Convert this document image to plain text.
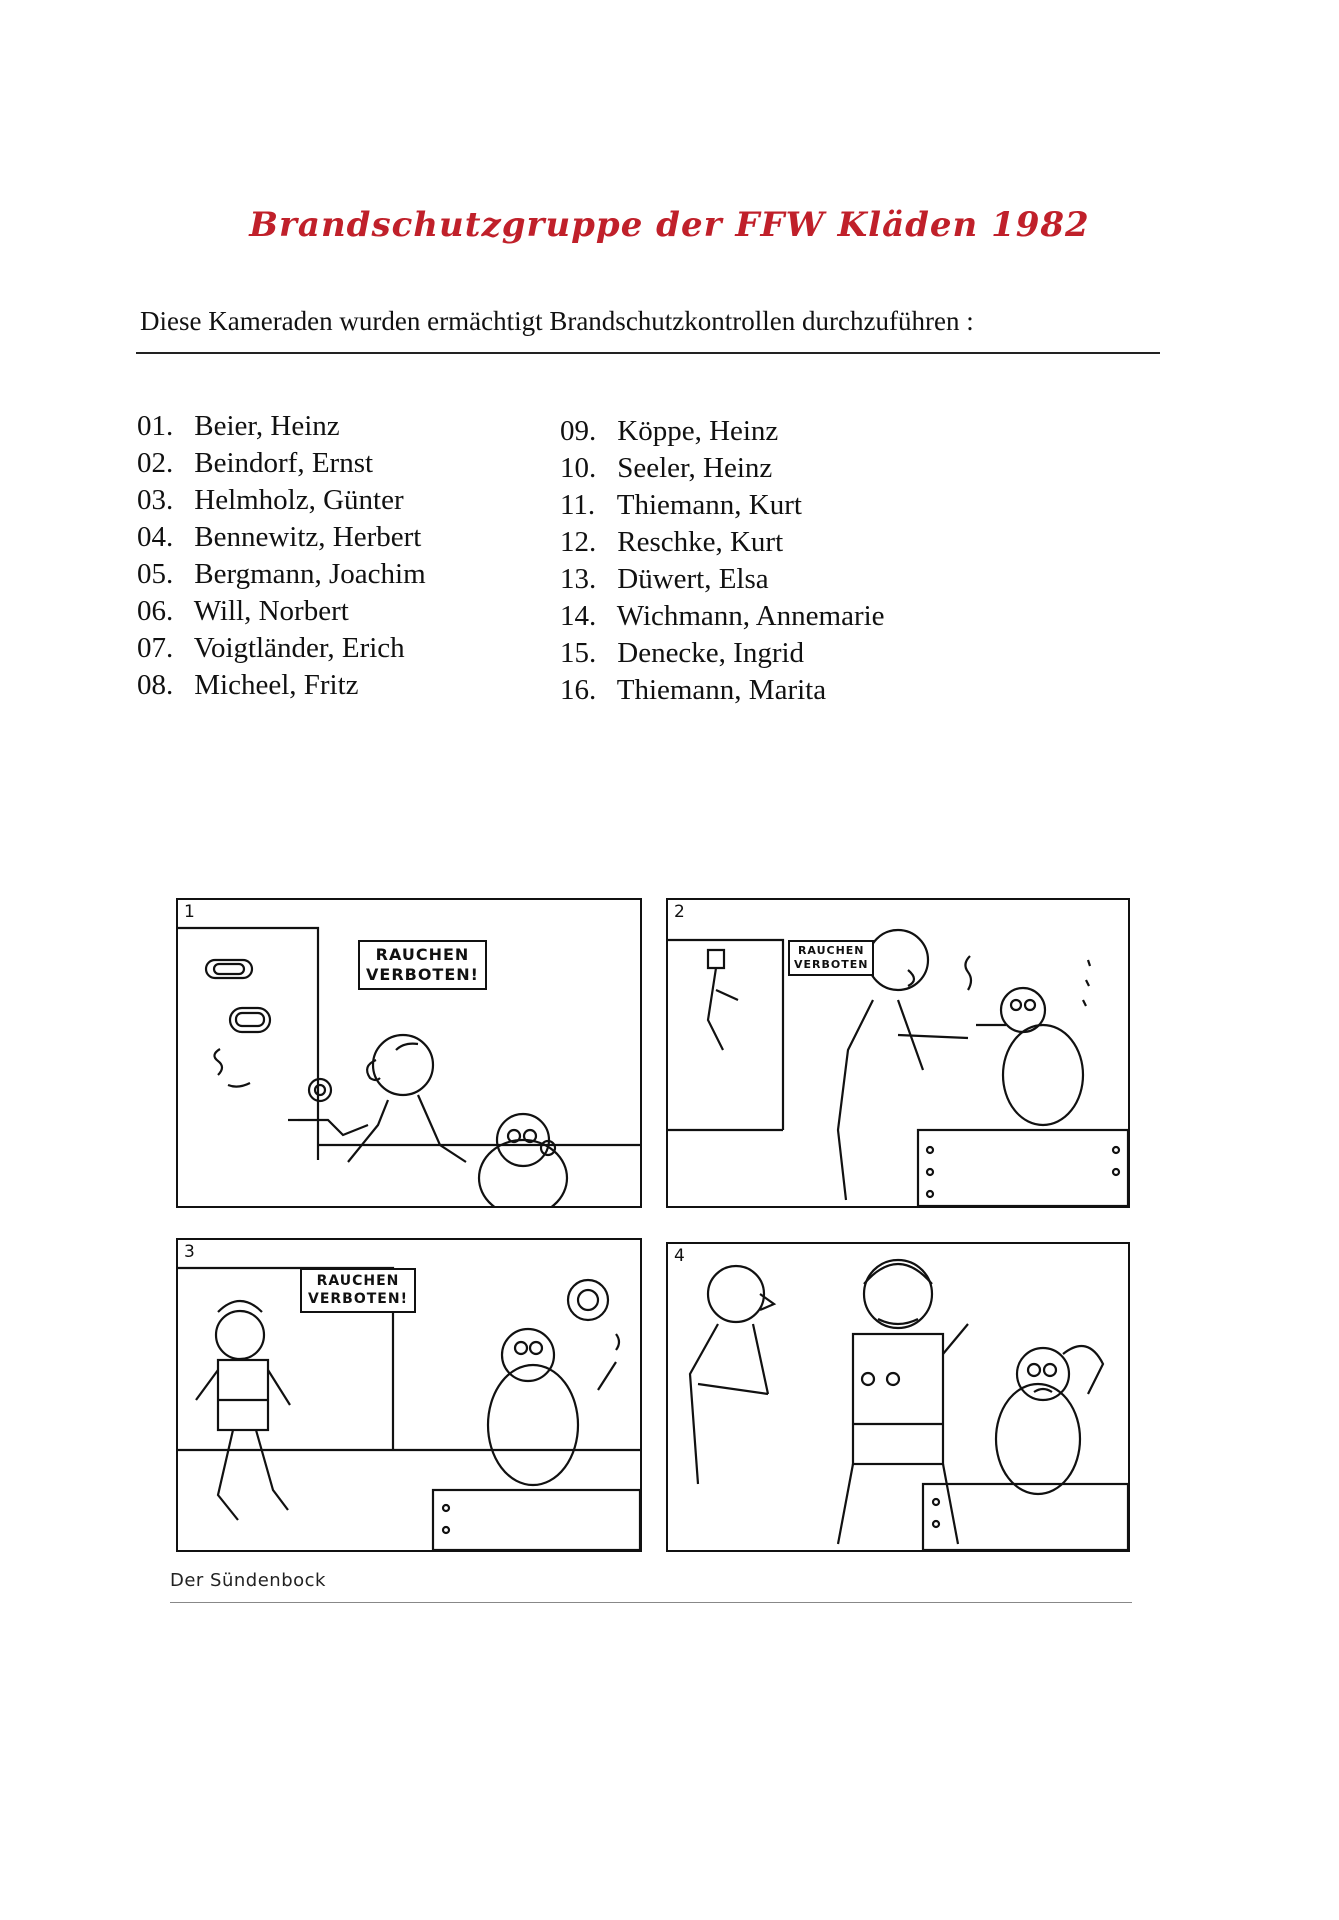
Brandschutzgruppe der FFW Kläden 1982
Diese Kameraden wurden ermächtigt Brandschutzkontrollen durchzuführen :
01. Beier, Heinz
02. Beindorf, Ernst
03. Helmholz, Günter
04. Bennewitz, Herbert
05. Bergmann, Joachim
06. Will, Norbert
07. Voigtländer, Erich
08. Micheel, Fritz
09. Köppe, Heinz
10. Seeler, Heinz
11. Thiemann, Kurt
12. Reschke, Kurt
13. Düwert, Elsa
14. Wichmann, Annemarie
15. Denecke, Ingrid
16. Thiemann, Marita
1
RAUCHEN
VERBOTEN!
2
RAUCHEN
VERBOTEN
3
RAUCHEN
VERBOTEN!
4
Der Sündenbock
